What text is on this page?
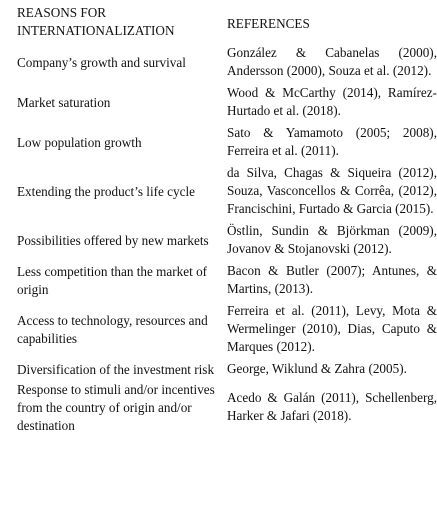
REASONS FOR INTERNATIONALIZATION	REFERENCES
Company’s growth and survival	González & Cabanelas (2000), Andersson (2000), Souza et al. (2012).
Market saturation	Wood & McCarthy (2014), Ramírez-Hurtado et al. (2018).
Low population growth	Sato & Yamamoto (2005; 2008), Ferreira et al. (2011).
Extending the product’s life cycle	da Silva, Chagas & Siqueira (2012), Souza, Vasconcellos & Corrêa, (2012), Francischini, Furtado & Garcia (2015).
Possibilities offered by new markets	Östlin, Sundin & Björkman (2009), Jovanov & Stojanovski (2012).
Less competition than the market of origin	Bacon & Butler (2007); Antunes, & Martins, (2013).
Access to technology, resources and capabilities	Ferreira et al. (2011), Levy, Mota & Wermelinger (2010), Dias, Caputo & Marques (2012).
Diversification of the investment risk	George, Wiklund & Zahra (2005).
Response to stimuli and/or incentives from the country of origin and/or destination	Acedo & Galán (2011), Schellenberg, Harker & Jafari (2018).
